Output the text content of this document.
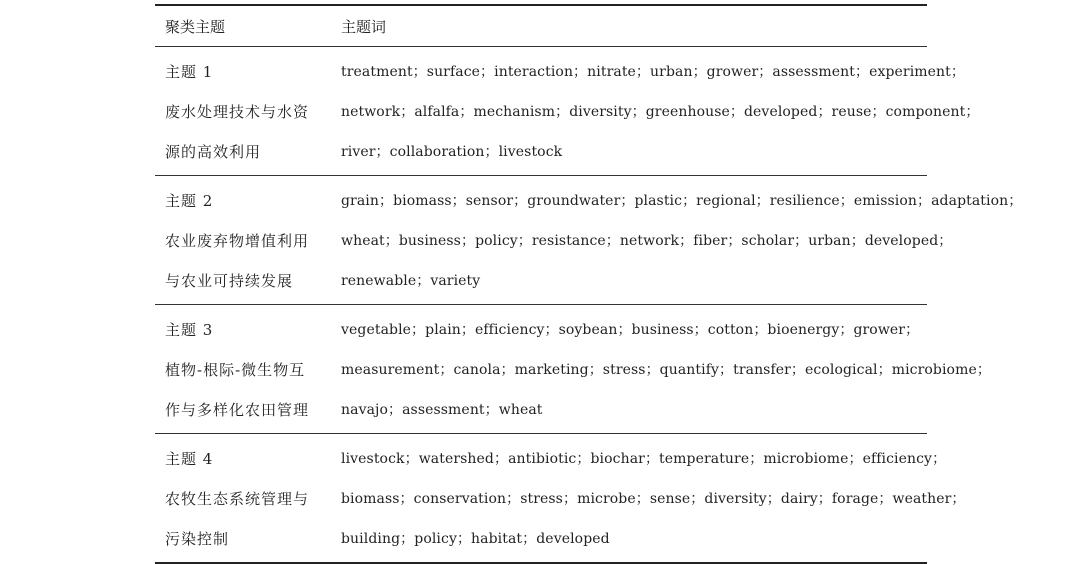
聚类主题	主题词
主题 1
废水处理技术与水资
源的高效利用
treatment；surface；interaction；nitrate；urban；grower；assessment；experiment；
network；alfalfa；mechanism；diversity；greenhouse；developed；reuse；component；
river；collaboration；livestock
主题 2
农业废弃物增值利用
与农业可持续发展
grain；biomass；sensor；groundwater；plastic；regional；resilience；emission；adaptation；
wheat；business；policy；resistance；network；fiber；scholar；urban；developed；
renewable；variety
主题 3
植物-根际-微生物互
作与多样化农田管理
vegetable；plain；efficiency；soybean；business；cotton；bioenergy；grower；
measurement；canola；marketing；stress；quantify；transfer；ecological；microbiome；
navajo；assessment；wheat
主题 4
农牧生态系统管理与
污染控制
livestock；watershed；antibiotic；biochar；temperature；microbiome；efficiency；
biomass；conservation；stress；microbe；sense；diversity；dairy；forage；weather；
building；policy；habitat；developed
